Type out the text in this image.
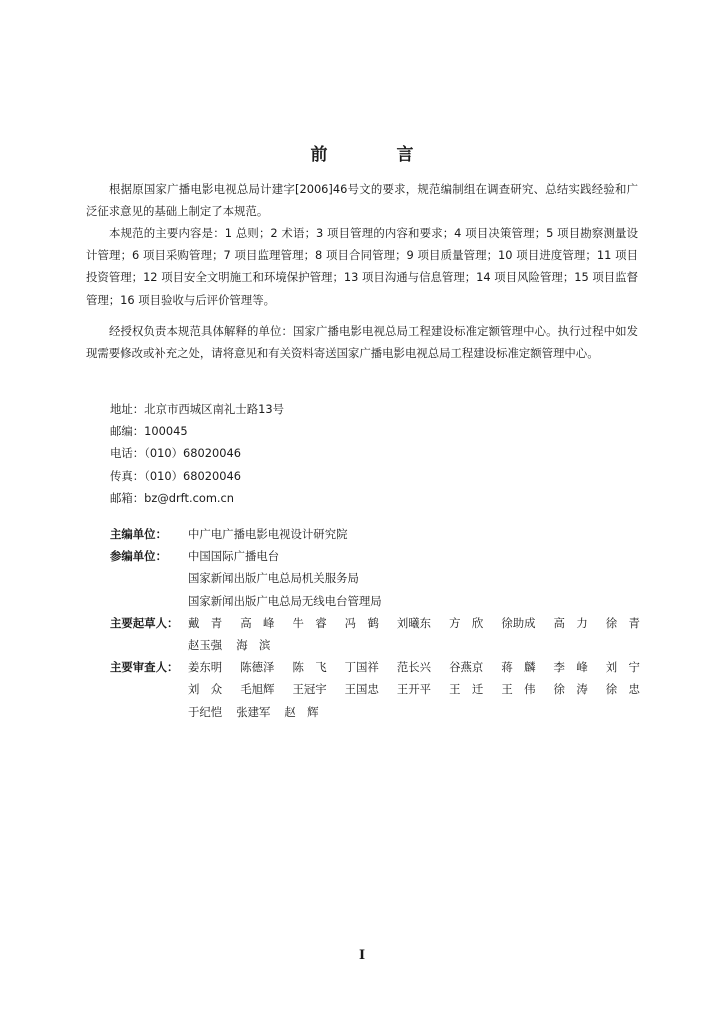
前　言

根据原国家广播电影电视总局计建字[2006]46号文的要求，规范编制组在调查研究、总结实践经验和广泛征求意见的基础上制定了本规范。

本规范的主要内容是：1 总则；2 术语；3 项目管理的内容和要求；4 项目决策管理；5 项目勘察测量设计管理；6 项目采购管理；7 项目监理管理；8 项目合同管理；9 项目质量管理；10 项目进度管理；11 项目投资管理；12 项目安全文明施工和环境保护管理；13 项目沟通与信息管理；14 项目风险管理；15 项目监督管理；16 项目验收与后评价管理等。

经授权负责本规范具体解释的单位：国家广播电影电视总局工程建设标准定额管理中心。执行过程中如发现需要修改或补充之处，请将意见和有关资料寄送国家广播电影电视总局工程建设标准定额管理中心。

地址：北京市西城区南礼士路13号
邮编：100045
电话：（010）68020046
传真：（010）68020046
邮箱：bz@drft.com.cn
主编单位：	中广电广播电影电视设计研究院
参编单位：	中国国际广播电台
国家新闻出版广电总局机关服务局
国家新闻出版广电总局无线电台管理局
主要起草人： 戴　青 高　峰 牛　睿 冯　鹤 刘曦东 方　欣 徐助成 高　力 徐　青
赵玉强 海　滨
主要审查人： 姜东明 陈德泽 陈　飞 丁国祥 范长兴 谷燕京 蒋　麟 李　峰 刘　宁
刘　众 毛旭辉 王冠宇 王国忠 王开平 王　迁 王　伟 徐　涛 徐　忠
于纪恺 张建军 赵　辉
I
